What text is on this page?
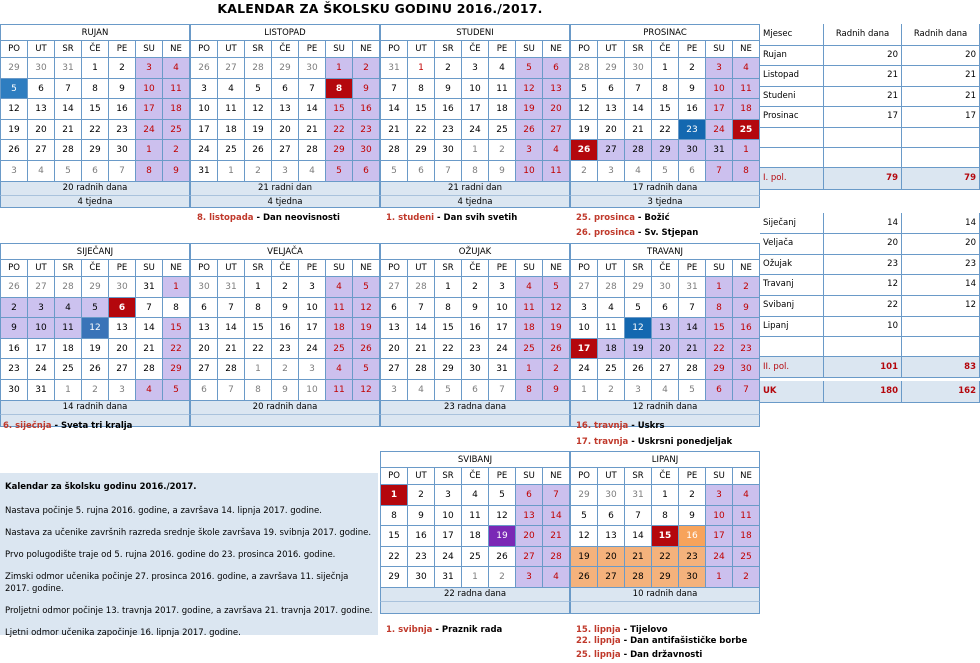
KALENDAR ZA ŠKOLSKU GODINU 2016./2017.
RUJAN
PO	UT	SR	ČE	PE	SU	NE
29	30	31	1	2	3	4
5	6	7	8	9	10	11
12	13	14	15	16	17	18
19	20	21	22	23	24	25
26	27	28	29	30	1	2
3	4	5	6	7	8	9
20 radnih dana
4 tjedna
LISTOPAD
PO	UT	SR	ČE	PE	SU	NE
26	27	28	29	30	1	2
3	4	5	6	7	8	9
10	11	12	13	14	15	16
17	18	19	20	21	22	23
24	25	26	27	28	29	30
31	1	2	3	4	5	6
21 radni dan
4 tjedna
STUDENI
PO	UT	SR	ČE	PE	SU	NE
31	1	2	3	4	5	6
7	8	9	10	11	12	13
14	15	16	17	18	19	20
21	22	23	24	25	26	27
28	29	30	1	2	3	4
5	6	7	8	9	10	11
21 radni dan
4 tjedna
PROSINAC
PO	UT	SR	ČE	PE	SU	NE
28	29	30	1	2	3	4
5	6	7	8	9	10	11
12	13	14	15	16	17	18
19	20	21	22	23	24	25
26	27	28	29	30	31	1
2	3	4	5	6	7	8
17 radnih dana
3 tjedna
SIJEČANJ
PO	UT	SR	ČE	PE	SU	NE
26	27	28	29	30	31	1
2	3	4	5	6	7	8
9	10	11	12	13	14	15
16	17	18	19	20	21	22
23	24	25	26	27	28	29
30	31	1	2	3	4	5
14 radnih dana
VELJAČA
PO	UT	SR	ČE	PE	SU	NE
30	31	1	2	3	4	5
6	7	8	9	10	11	12
13	14	15	16	17	18	19
20	21	22	23	24	25	26
27	28	1	2	3	4	5
6	7	8	9	10	11	12
20 radnih dana
OŽUJAK
PO	UT	SR	ČE	PE	SU	NE
27	28	1	2	3	4	5
6	7	8	9	10	11	12
13	14	15	16	17	18	19
20	21	22	23	24	25	26
27	28	29	30	31	1	2
3	4	5	6	7	8	9
23 radna dana
TRAVANJ
PO	UT	SR	ČE	PE	SU	NE
27	28	29	30	31	1	2
3	4	5	6	7	8	9
10	11	12	13	14	15	16
17	18	19	20	21	22	23
24	25	26	27	28	29	30
1	2	3	4	5	6	7
12 radnih dana
SVIBANJ
PO	UT	SR	ČE	PE	SU	NE
1	2	3	4	5	6	7
8	9	10	11	12	13	14
15	16	17	18	19	20	21
22	23	24	25	26	27	28
29	30	31	1	2	3	4
22 radna dana
LIPANJ
PO	UT	SR	ČE	PE	SU	NE
29	30	31	1	2	3	4
5	6	7	8	9	10	11
12	13	14	15	16	17	18
19	20	21	22	23	24	25
26	27	28	29	30	1	2
10 radnih dana
8. listopada - Dan neovisnosti	1. studeni - Dan svih svetih	25. prosinca - Božić
26. prosinca - Sv. Stjepan
6. siječnja - Sveta tri kralja	16. travnja - Uskrs
17. travnja - Uskrsni ponedjeljak
1. svibnja - Praznik rada	15. lipnja - Tijelovo
22. lipnja - Dan antifašističke borbe
25. lipnja - Dan državnosti
Mjesec	Radnih dana	Radnih dana
Rujan	20	20
Listopad	21	21
Studeni	21	21
Prosinac	17	17
I. pol.	79	79
Siječanj	14	14
Veljača	20	20
Ožujak	23	23
Travanj	12	14
Svibanj	22	12
Lipanj	10
II. pol.	101	83
UK	180	162

Kalendar za školsku godinu 2016./2017.

Nastava počinje 5. rujna 2016. godine, a završava 14. lipnja 2017. godine.

Nastava za učenike završnih razreda srednje škole završava 19. svibnja 2017. godine.

Prvo polugodište traje od 5. rujna 2016. godine do 23. prosinca 2016. godine.

Zimski odmor učenika počinje 27. prosinca 2016. godine, a završava 11. siječnja 2017. godine.

Proljetni odmor počinje 13. travnja 2017. godine, a završava 21. travnja 2017. godine.

Ljetni odmor učenika započinje 16. lipnja 2017. godine.
